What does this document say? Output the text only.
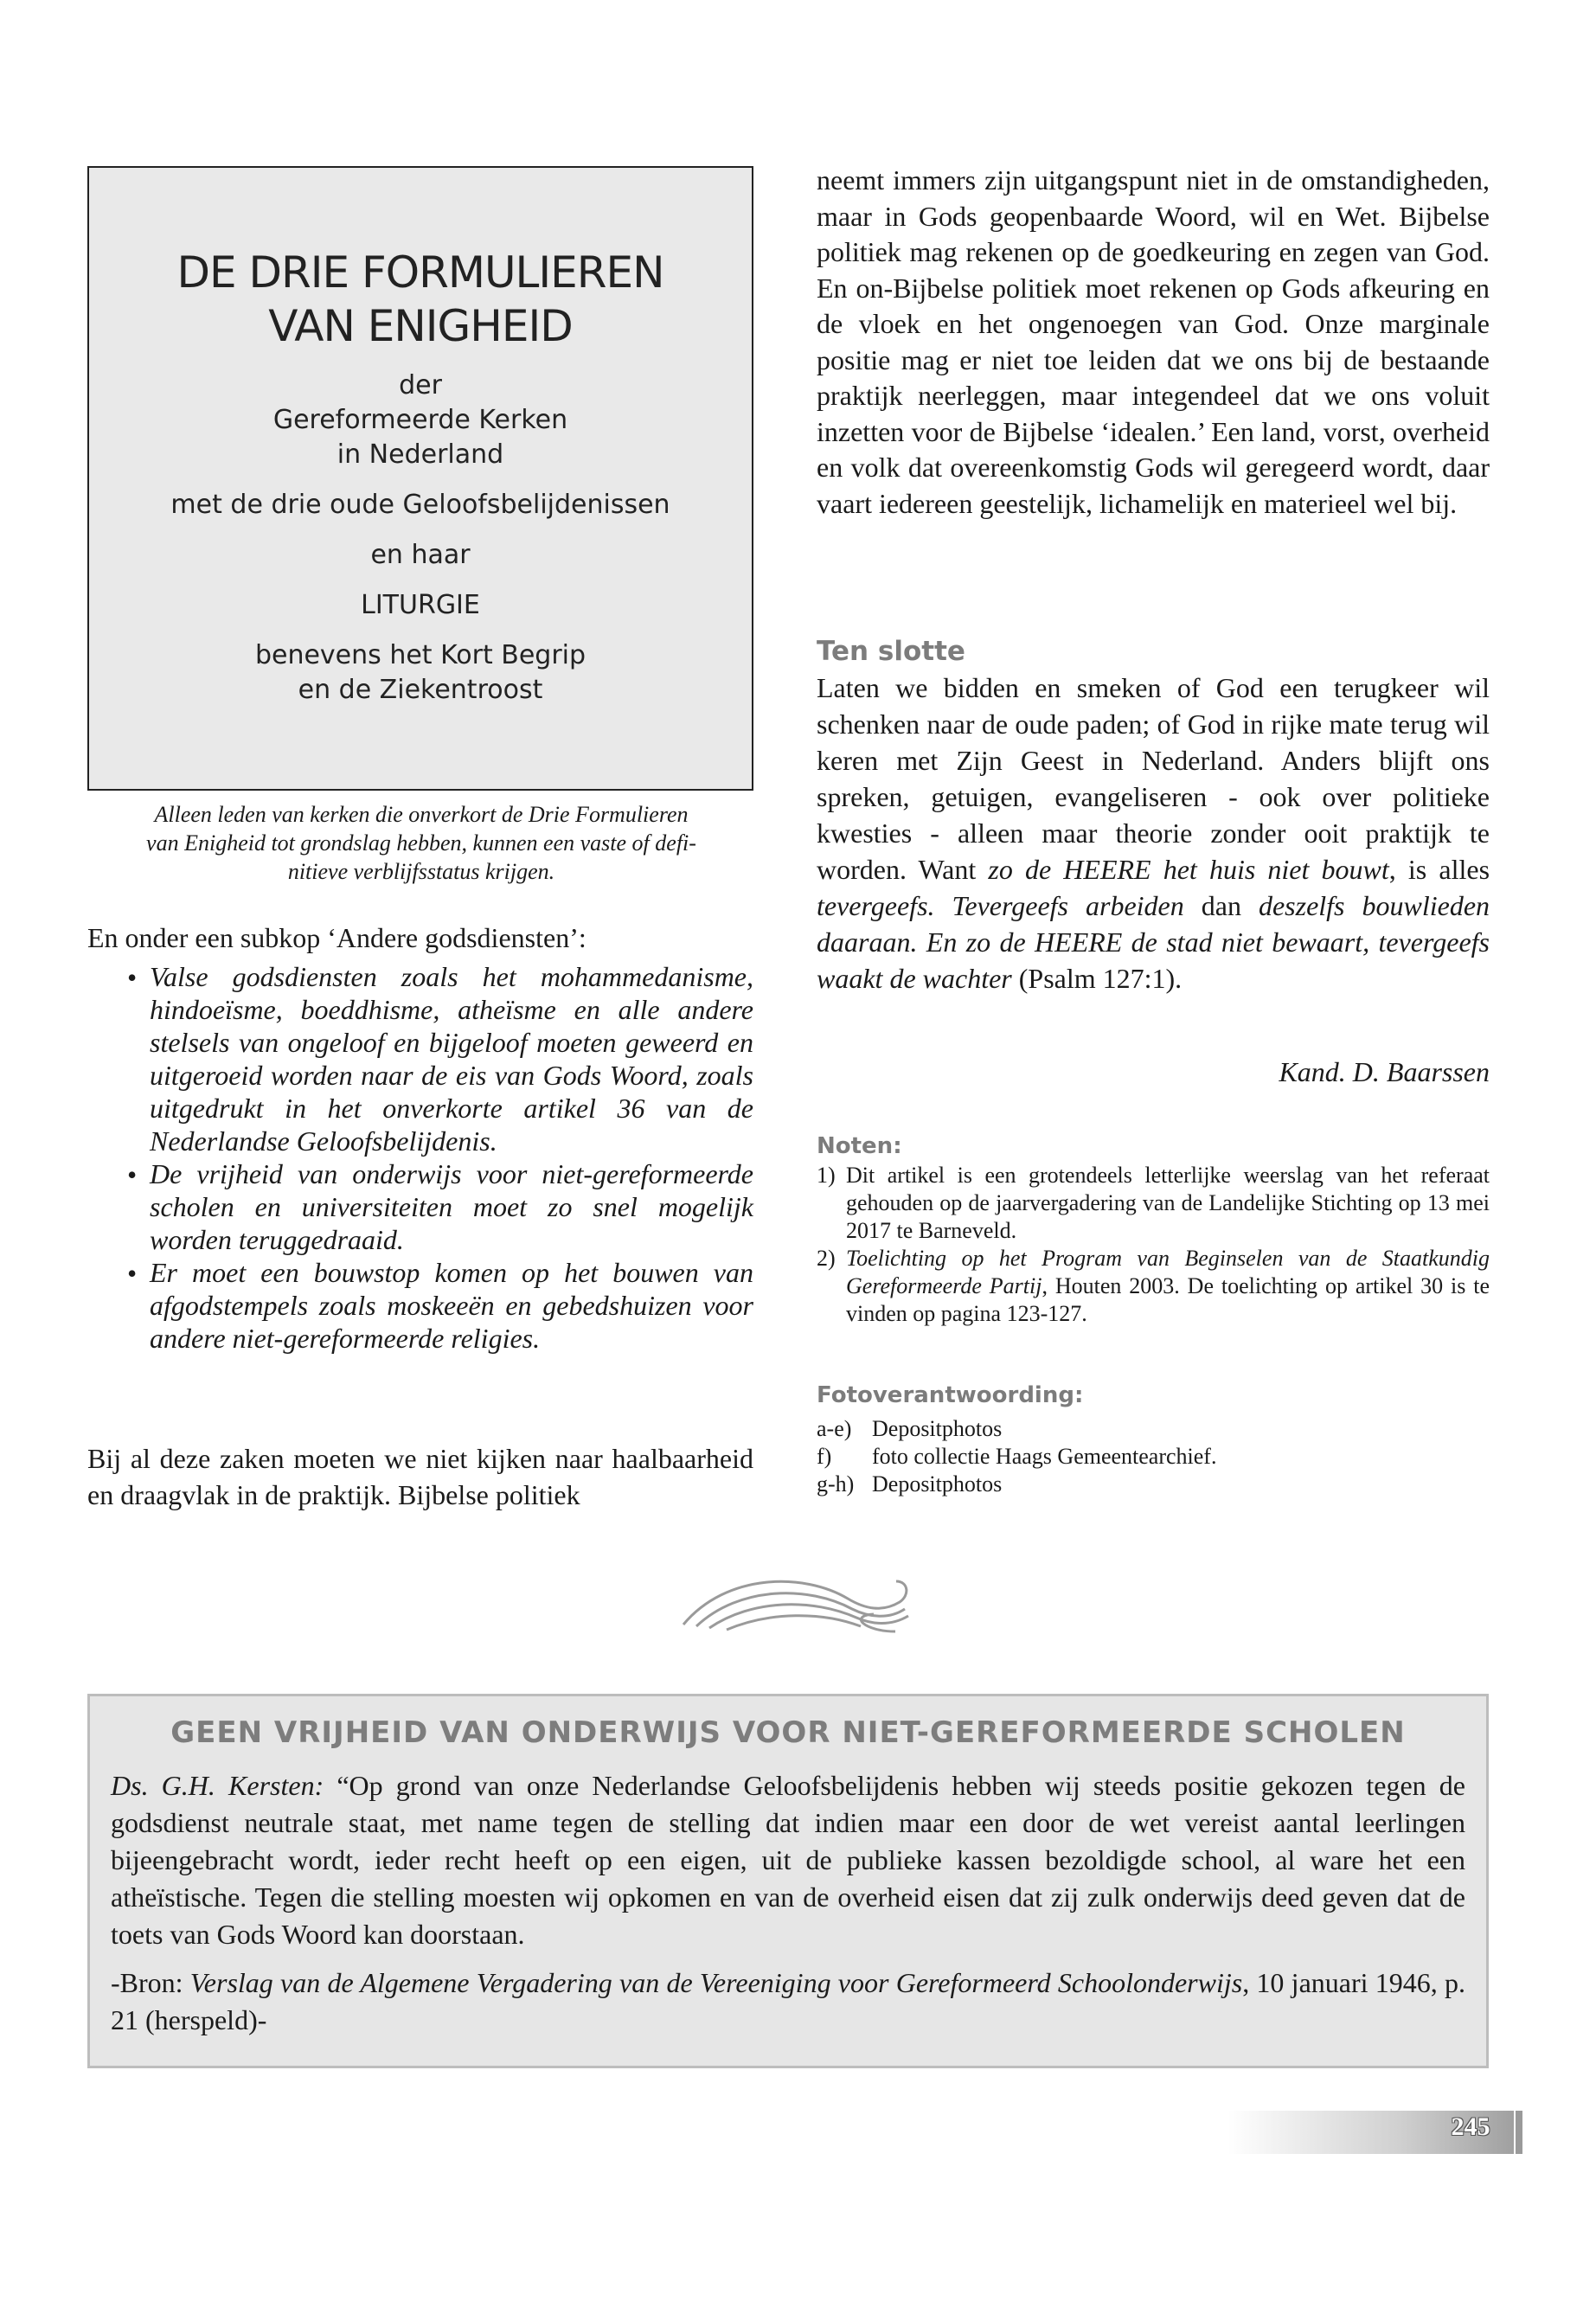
DE DRIE FORMULIEREN
VAN ENIGHEID
der
Gereformeerde Kerken
in Nederland
met de drie oude Geloofsbelijdenissen
en haar
LITURGIE
benevens het Kort Begrip
en de Ziekentroost
Alleen leden van kerken die onverkort de Drie Formulieren
van Enigheid tot grondslag hebben, kunnen een vaste of defi-
nitieve verblijfsstatus krijgen.
En onder een subkop ‘Andere godsdiensten’:
• Valse godsdiensten zoals het mohammedanisme, hindoeïsme, boeddhisme, atheïsme en alle andere stelsels van ongeloof en bijgeloof moeten geweerd en uitgeroeid worden naar de eis van Gods Woord, zoals uitgedrukt in het onverkorte artikel 36 van de Nederlandse Geloofsbelijdenis.
• De vrijheid van onderwijs voor niet-gereformeerde scholen en universiteiten moet zo snel mogelijk worden teruggedraaid.
• Er moet een bouwstop komen op het bouwen van afgodstempels zoals moskeeën en gebedshuizen voor andere niet-gereformeerde religies.
Bij al deze zaken moeten we niet kijken naar haalbaarheid en draagvlak in de praktijk. Bijbelse politiek
neemt immers zijn uitgangspunt niet in de omstandigheden, maar in Gods geopenbaarde Woord, wil en Wet. Bijbelse politiek mag rekenen op de goedkeuring en zegen van God. En on-Bijbelse politiek moet rekenen op Gods afkeuring en de vloek en het ongenoegen van God. Onze marginale positie mag er niet toe leiden dat we ons bij de bestaande praktijk neerleggen, maar integendeel dat we ons voluit inzetten voor de Bijbelse ‘idealen.’ Een land, vorst, overheid en volk dat overeenkomstig Gods wil geregeerd wordt, daar vaart iedereen geestelijk, lichamelijk en materieel wel bij.
Ten slotte
Laten we bidden en smeken of God een terugkeer wil schenken naar de oude paden; of God in rijke mate terug wil keren met Zijn Geest in Nederland. Anders blijft ons spreken, getuigen, evangeliseren - ook over politieke kwesties - alleen maar theorie zonder ooit praktijk te worden. Want zo de HEERE het huis niet bouwt, is alles tevergeefs. Tevergeefs arbeiden dan deszelfs bouwlieden daaraan. En zo de HEERE de stad niet bewaart, tevergeefs waakt de wachter (Psalm 127:1).
Kand. D. Baarssen
Noten:
1) Dit artikel is een grotendeels letterlijke weerslag van het referaat gehouden op de jaarvergadering van de Landelijke Stichting op 13 mei 2017 te Barneveld.
2) Toelichting op het Program van Beginselen van de Staatkundig Gereformeerde Partij, Houten 2003. De toelichting op artikel 30 is te vinden op pagina 123-127.
Fotoverantwoording:
a-e) Depositphotos
f)	foto collectie Haags Gemeentearchief.
g-h) Depositphotos
GEEN VRIJHEID VAN ONDERWIJS VOOR NIET-GEREFORMEERDE SCHOLEN
Ds. G.H. Kersten: “Op grond van onze Nederlandse Geloofsbelijdenis hebben wij steeds positie gekozen tegen de godsdienst neutrale staat, met name tegen de stelling dat indien maar een door de wet vereist aantal leerlingen bijeengebracht wordt, ieder recht heeft op een eigen, uit de publieke kassen bezoldigde school, al ware het een atheïstische. Tegen die stelling moesten wij opkomen en van de overheid eisen dat zij zulk onderwijs deed geven dat de toets van Gods Woord kan doorstaan.
-Bron: Verslag van de Algemene Vergadering van de Vereeniging voor Gereformeerd Schoolonderwijs, 10 januari 1946, p. 21 (herspeld)-
245
